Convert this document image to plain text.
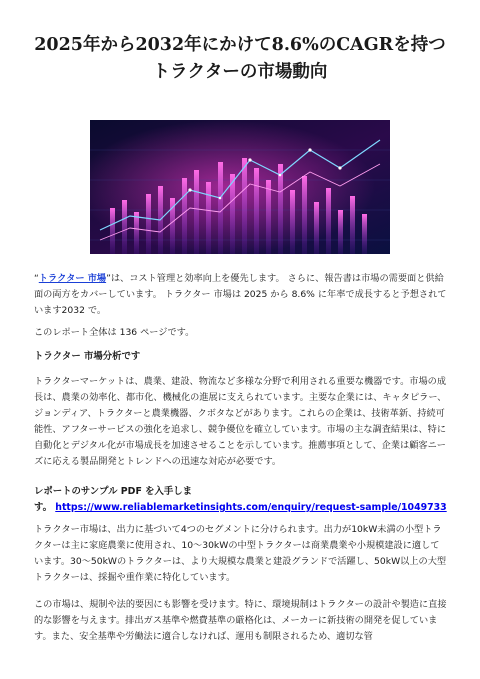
2025年から2032年にかけて8.6%のCAGRを持つ
トラクターの市場動向

“トラクター 市場”は、コスト管理と効率向上を優先します。 さらに、報告書は市場の需要面と供給面の両方をカバーしています。 トラクター 市場は 2025 から 8.6% に年率で成長すると予想されています2032 で。

このレポート全体は 136 ページです。

トラクター 市場分析です

トラクターマーケットは、農業、建設、物流など多様な分野で利用される重要な機器です。市場の成長は、農業の効率化、都市化、機械化の進展に支えられています。主要な企業には、キャタピラー、ジョンディア、トラクターと農業機器、クボタなどがあります。これらの企業は、技術革新、持続可能性、アフターサービスの強化を追求し、競争優位を確立しています。市場の主な調査結果は、特に自動化とデジタル化が市場成長を加速させることを示しています。推薦事項として、企業は顧客ニーズに応える製品開発とトレンドへの迅速な対応が必要です。

レポートのサンプル PDF を入手しま
す。 https://www.reliablemarketinsights.com/enquiry/request-sample/1049733

トラクター市場は、出力に基づいて4つのセグメントに分けられます。出力が10kW未満の小型トラクターは主に家庭農業に使用され、10〜30kWの中型トラクターは商業農業や小規模建設に適しています。30〜50kWのトラクターは、より大規模な農業と建設グランドで活躍し、50kW以上の大型トラクターは、採掘や重作業に特化しています。

この市場は、規制や法的要因にも影響を受けます。特に、環境規制はトラクターの設計や製造に直接的な影響を与えます。排出ガス基準や燃費基準の厳格化は、メーカーに新技術の開発を促しています。また、安全基準や労働法に適合しなければ、運用も制限されるため、適切な管
